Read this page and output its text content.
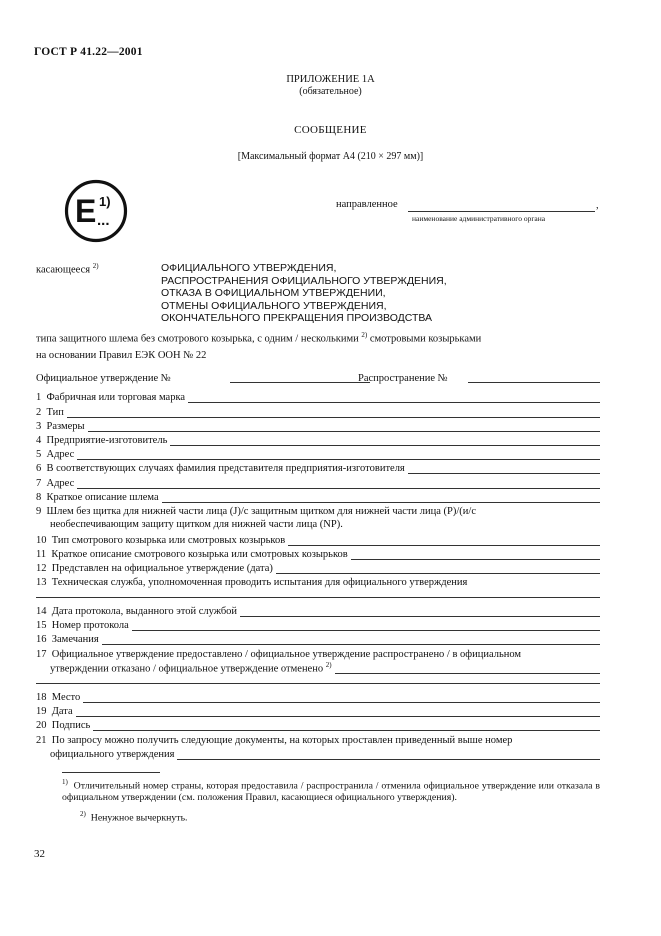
ГОСТ Р 41.22—2001
ПРИЛОЖЕНИЕ 1А
(обязательное)
СООБЩЕНИЕ
[Максимальный формат А4 (210 × 297 мм)]
E 1)
...
направленное	,
наименование административного органа
касающееся $^{2)}$	ОФИЦИАЛЬНОГО УТВЕРЖДЕНИЯ,
РАСПРОСТРАНЕНИЯ ОФИЦИАЛЬНОГО УТВЕРЖДЕНИЯ,
ОТКАЗА В ОФИЦИАЛЬНОМ УТВЕРЖДЕНИИ,
ОТМЕНЫ ОФИЦИАЛЬНОГО УТВЕРЖДЕНИЯ,
ОКОНЧАТЕЛЬНОГО ПРЕКРАЩЕНИЯ ПРОИЗВОДСТВА
типа защитного шлема без смотрового козырька, с одним / несколькими $^{2)}$ смотровыми козырьками
на основании Правил ЕЭК ООН № 22
Официальное утверждение №	Распространение №
1 Фабричная или торговая марка
2 Тип
3 Размеры
4 Предприятие-изготовитель
5 Адрес
6 В соответствующих случаях фамилия представителя предприятия-изготовителя
7 Адрес
8 Краткое описание шлема
9 Шлем без щитка для нижней части лица (J)/с защитным щитком для нижней части лица (P)/(и/с
необеспечивающим защиту щитком для нижней части лица (NP).
10 Тип смотрового козырька или смотровых козырьков
11 Краткое описание смотрового козырька или смотровых козырьков
12 Представлен на официальное утверждение (дата)
13 Техническая служба, уполномоченная проводить испытания для официального утверждения
14 Дата протокола, выданного этой службой
15 Номер протокола
16 Замечания
17 Официальное утверждение предоставлено / официальное утверждение распространено / в официальном
утверждении отказано / официальное утверждение отменено $^{2)}$
18 Место
19 Дата
20 Подпись
21 По запросу можно получить следующие документы, на которых проставлен приведенный выше номер
официального утверждения
$^{1)}$ Отличительный номер страны, которая предоставила / распространила / отменила официальное утверждение или отказала в официальном утверждении (см. положения Правил, касающиеся официального утверждения).
$^{2)}$ Ненужное вычеркнуть.
32
